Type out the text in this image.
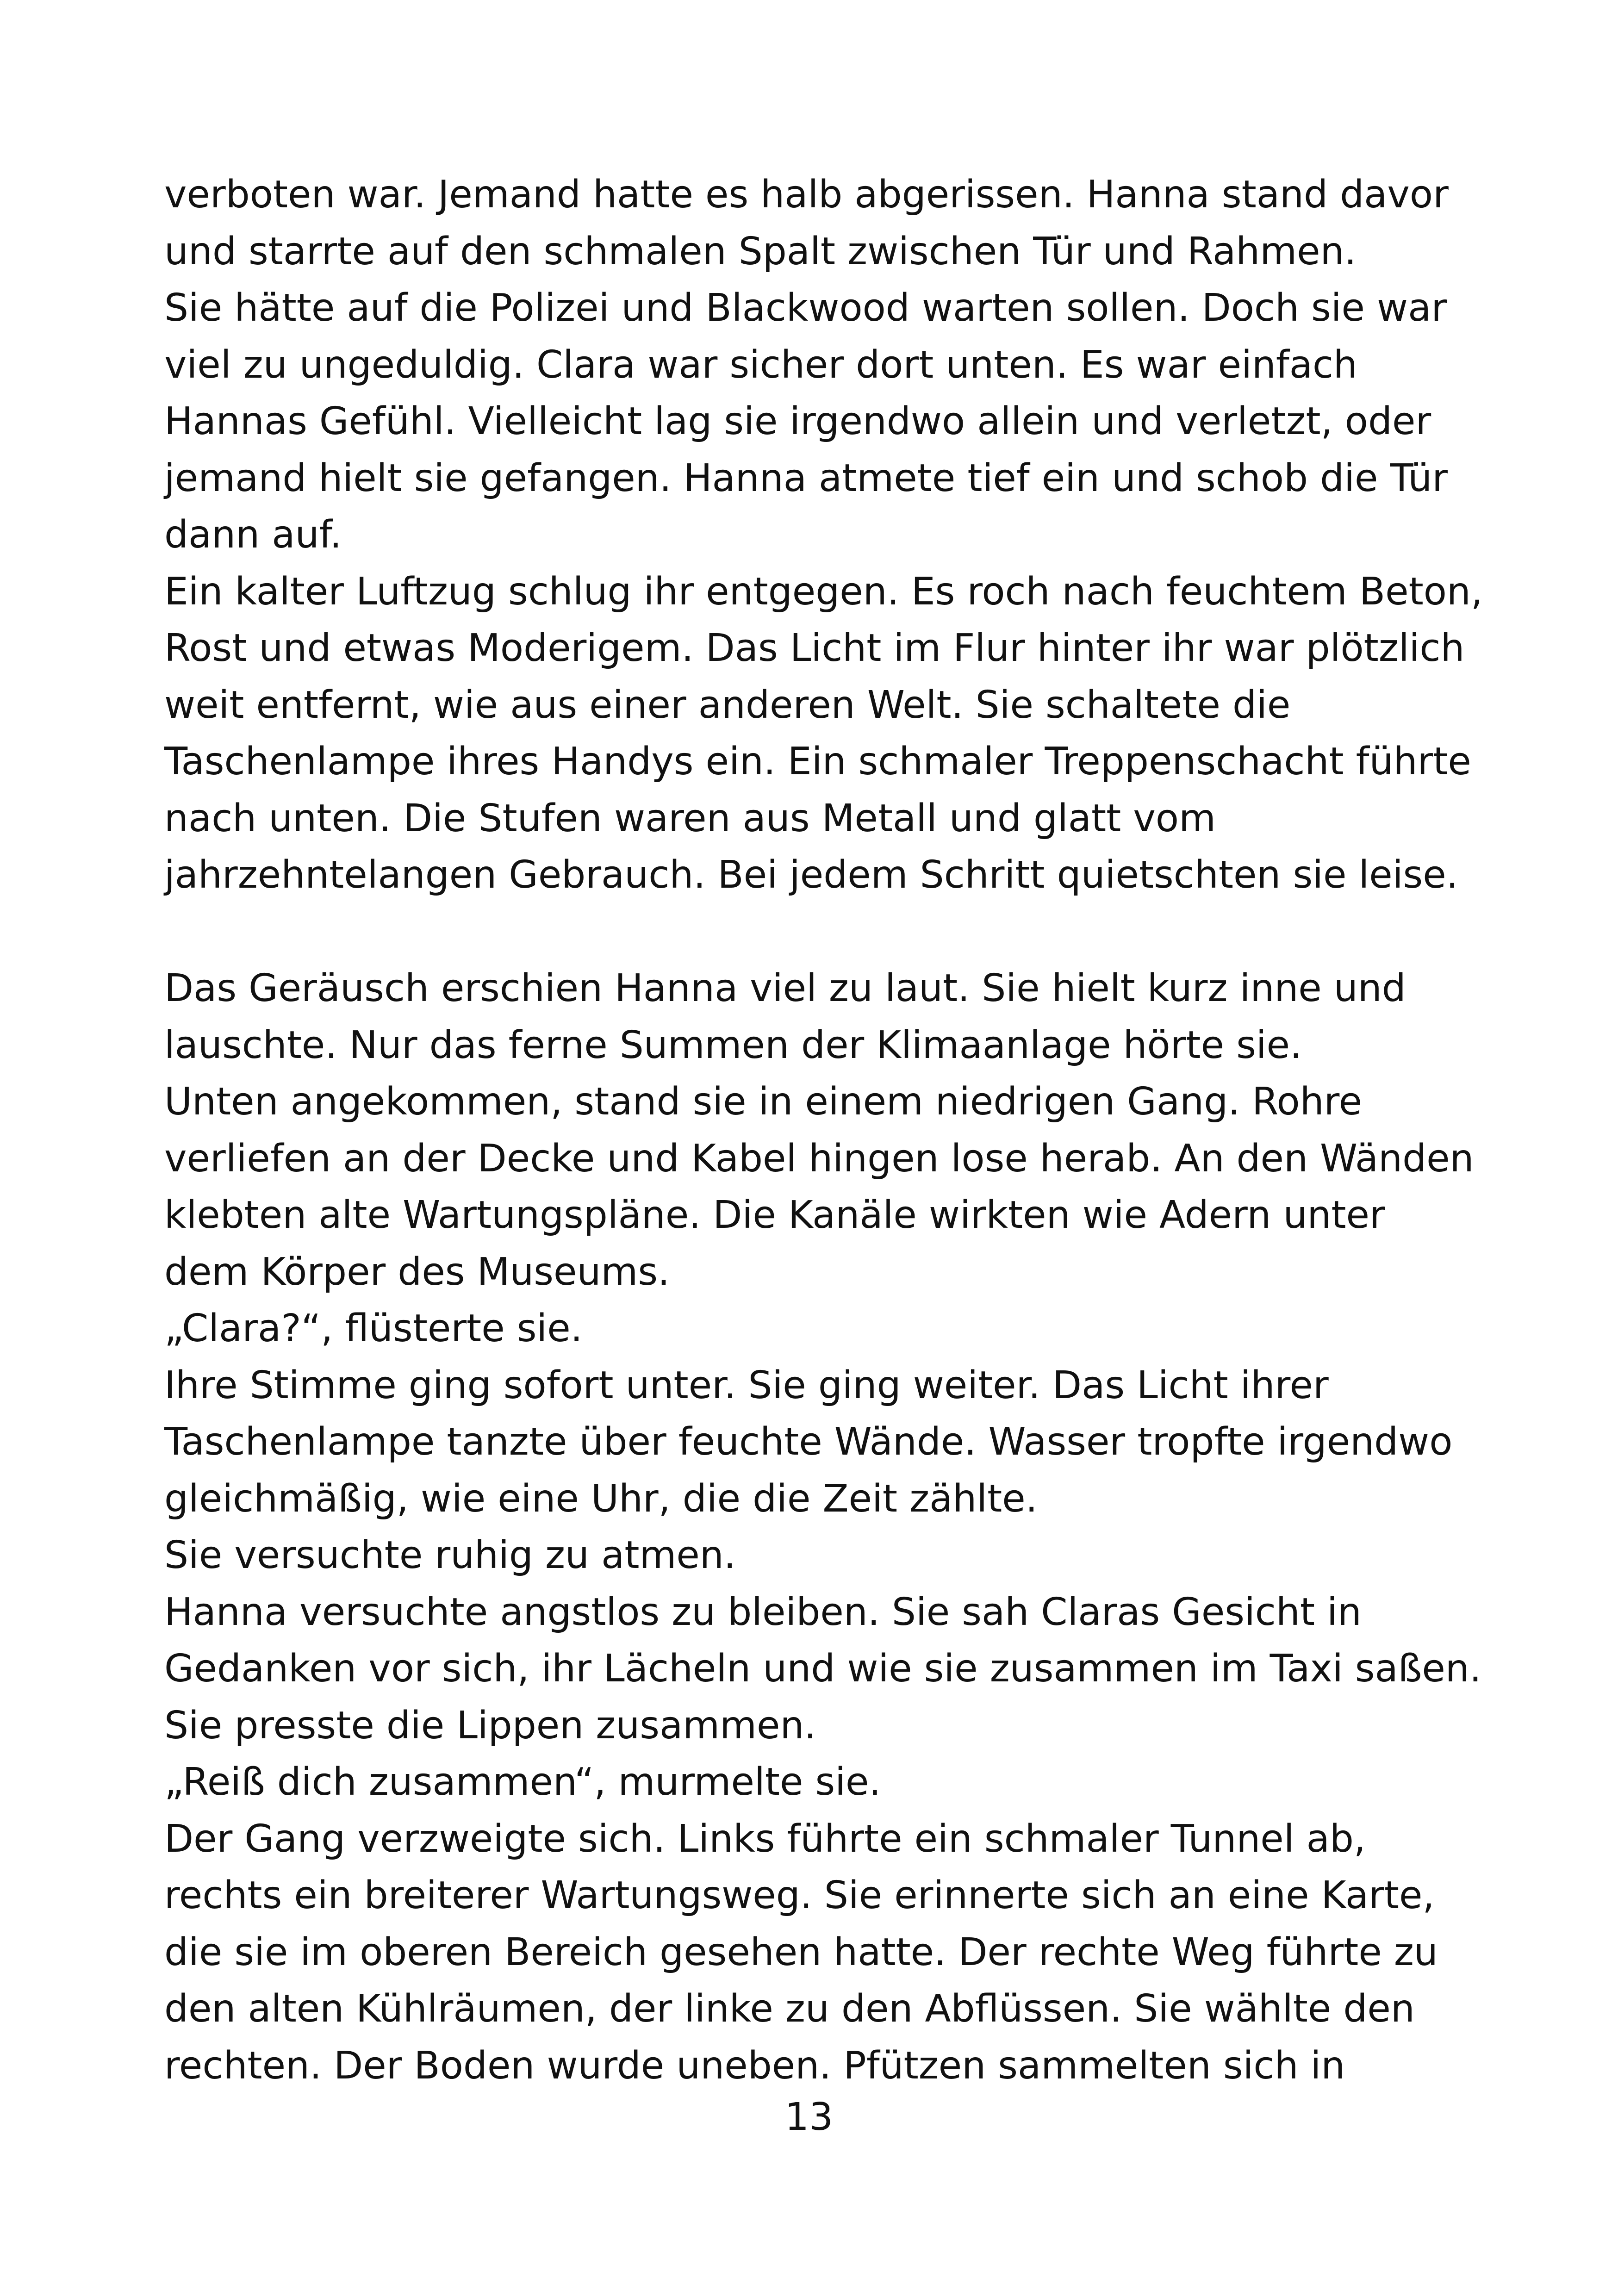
verboten war. Jemand hatte es halb abgerissen. Hanna stand davor
und starrte auf den schmalen Spalt zwischen Tür und Rahmen.
Sie hätte auf die Polizei und Blackwood warten sollen. Doch sie war
viel zu ungeduldig. Clara war sicher dort unten. Es war einfach
Hannas Gefühl. Vielleicht lag sie irgendwo allein und verletzt, oder
jemand hielt sie gefangen. Hanna atmete tief ein und schob die Tür
dann auf.
Ein kalter Luftzug schlug ihr entgegen. Es roch nach feuchtem Beton,
Rost und etwas Moderigem. Das Licht im Flur hinter ihr war plötzlich
weit entfernt, wie aus einer anderen Welt. Sie schaltete die
Taschenlampe ihres Handys ein. Ein schmaler Treppenschacht führte
nach unten. Die Stufen waren aus Metall und glatt vom
jahrzehntelangen Gebrauch. Bei jedem Schritt quietschten sie leise.
Das Geräusch erschien Hanna viel zu laut. Sie hielt kurz inne und
lauschte. Nur das ferne Summen der Klimaanlage hörte sie.
Unten angekommen, stand sie in einem niedrigen Gang. Rohre
verliefen an der Decke und Kabel hingen lose herab. An den Wänden
klebten alte Wartungspläne. Die Kanäle wirkten wie Adern unter
dem Körper des Museums.
„Clara?“, flüsterte sie.
Ihre Stimme ging sofort unter. Sie ging weiter. Das Licht ihrer
Taschenlampe tanzte über feuchte Wände. Wasser tropfte irgendwo
gleichmäßig, wie eine Uhr, die die Zeit zählte.
Sie versuchte ruhig zu atmen.
Hanna versuchte angstlos zu bleiben. Sie sah Claras Gesicht in
Gedanken vor sich, ihr Lächeln und wie sie zusammen im Taxi saßen.
Sie presste die Lippen zusammen.
„Reiß dich zusammen“, murmelte sie.
Der Gang verzweigte sich. Links führte ein schmaler Tunnel ab,
rechts ein breiterer Wartungsweg. Sie erinnerte sich an eine Karte,
die sie im oberen Bereich gesehen hatte. Der rechte Weg führte zu
den alten Kühlräumen, der linke zu den Abflüssen. Sie wählte den
rechten. Der Boden wurde uneben. Pfützen sammelten sich in
13
